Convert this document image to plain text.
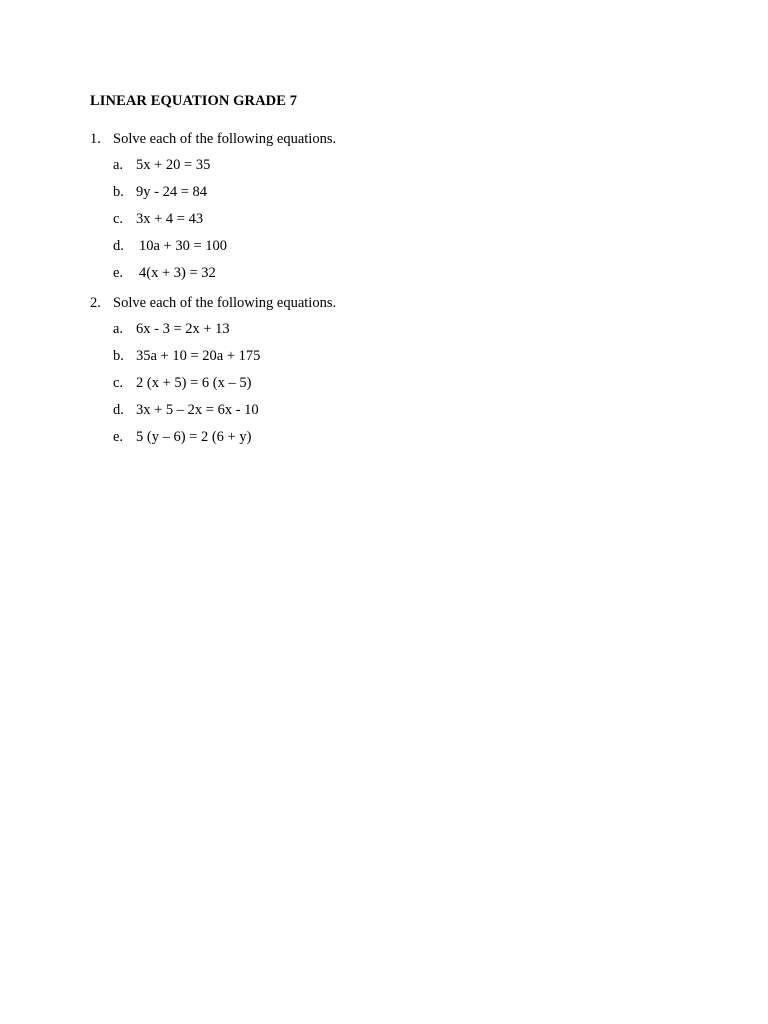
LINEAR EQUATION GRADE 7
1. Solve each of the following equations.
a. 5x + 20 = 35
b. 9y - 24 = 84
c. 3x + 4 = 43
d.	10a + 30 = 100
e.	4(x + 3) = 32
2. Solve each of the following equations.
a. 6x - 3 = 2x + 13
b. 35a + 10 = 20a + 175
c. 2 (x + 5) = 6 (x – 5)
d. 3x + 5 – 2x = 6x - 10
e. 5 (y – 6) = 2 (6 + y)
